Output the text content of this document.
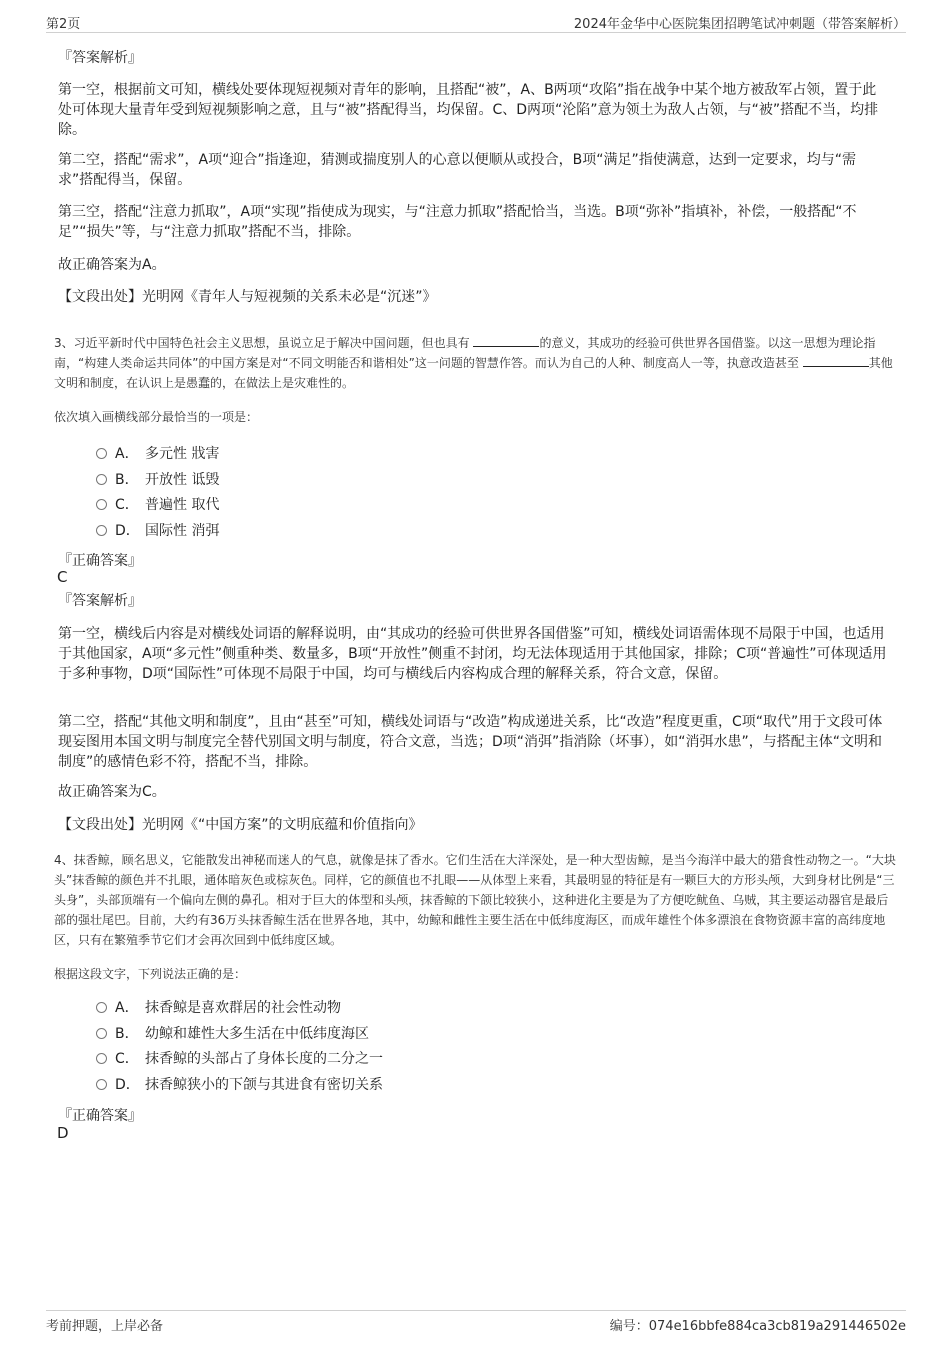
第2页	2024年金华中心医院集团招聘笔试冲刺题（带答案解析）
『答案解析』
第一空，根据前文可知，横线处要体现短视频对青年的影响，且搭配“被”，A、B两项“攻陷”指在战争中某个地方被敌军占领，置于此处可体现大量青年受到短视频影响之意，且与“被”搭配得当，均保留。C、D两项“沦陷”意为领土为敌人占领，与“被”搭配不当，均排除。
第二空，搭配“需求”，A项“迎合”指逢迎，猜测或揣度别人的心意以便顺从或投合，B项“满足”指使满意，达到一定要求，均与“需求”搭配得当，保留。
第三空，搭配“注意力抓取”，A项“实现”指使成为现实，与“注意力抓取”搭配恰当，当选。B项“弥补”指填补，补偿，一般搭配“不足”“损失”等，与“注意力抓取”搭配不当，排除。
故正确答案为A。
【文段出处】光明网《青年人与短视频的关系未必是“沉迷”》
3、习近平新时代中国特色社会主义思想，虽说立足于解决中国问题，但也具有	的意义，其成功的经验可供世界各国借鉴。以这一思想为理论指南，“构建人类命运共同体”的中国方案是对“不同文明能否和谐相处”这一问题的智慧作答。而认为自己的人种、制度高人一等，执意改造甚至	其他文明和制度，在认识上是愚蠢的，在做法上是灾难性的。
依次填入画横线部分最恰当的一项是：
A． 多元性 戕害
B． 开放性 诋毁
C． 普遍性 取代
D． 国际性 消弭
『正确答案』
C
『答案解析』
第一空，横线后内容是对横线处词语的解释说明，由“其成功的经验可供世界各国借鉴”可知，横线处词语需体现不局限于中国，也适用于其他国家，A项“多元性”侧重种类、数量多，B项“开放性”侧重不封闭，均无法体现适用于其他国家，排除；C项“普遍性”可体现适用于多种事物，D项“国际性”可体现不局限于中国，均可与横线后内容构成合理的解释关系，符合文意，保留。
第二空，搭配“其他文明和制度”，且由“甚至”可知，横线处词语与“改造”构成递进关系，比“改造”程度更重，C项“取代”用于文段可体现妄图用本国文明与制度完全替代别国文明与制度，符合文意，当选；D项“消弭”指消除（坏事），如“消弭水患”，与搭配主体“文明和制度”的感情色彩不符，搭配不当，排除。
故正确答案为C。
【文段出处】光明网《“中国方案”的文明底蕴和价值指向》
4、抹香鲸，顾名思义，它能散发出神秘而迷人的气息，就像是抹了香水。它们生活在大洋深处，是一种大型齿鲸，是当今海洋中最大的猎食性动物之一。“大块头”抹香鲸的颜色并不扎眼，通体暗灰色或棕灰色。同样，它的颜值也不扎眼——从体型上来看，其最明显的特征是有一颗巨大的方形头颅，大到身材比例是“三头身”，头部顶端有一个偏向左侧的鼻孔。相对于巨大的体型和头颅，抹香鲸的下颌比较狭小，这种进化主要是为了方便吃鱿鱼、乌贼，其主要运动器官是最后部的强壮尾巴。目前，大约有36万头抹香鲸生活在世界各地，其中，幼鲸和雌性主要生活在中低纬度海区，而成年雄性个体多漂浪在食物资源丰富的高纬度地区，只有在繁殖季节它们才会再次回到中低纬度区域。
根据这段文字，下列说法正确的是：
A． 抹香鲸是喜欢群居的社会性动物
B． 幼鲸和雄性大多生活在中低纬度海区
C． 抹香鲸的头部占了身体长度的二分之一
D． 抹香鲸狭小的下颌与其进食有密切关系
『正确答案』
D
考前押题，上岸必备	编号：074e16bbfe884ca3cb819a291446502e
